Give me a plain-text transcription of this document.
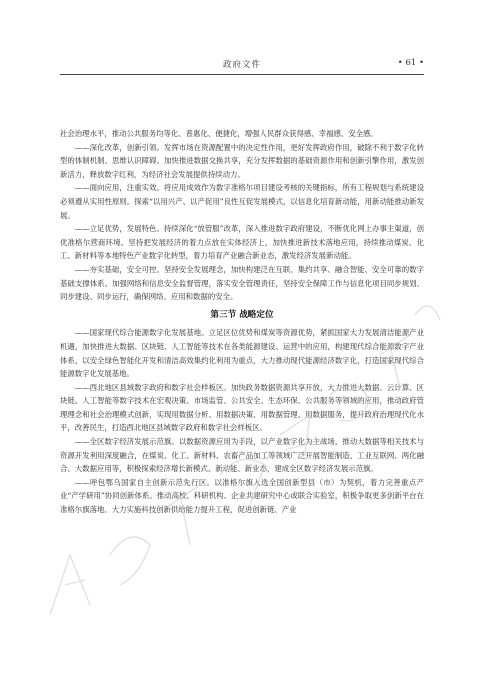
政府文件	• 61 •

社会治理水平，推动公共服务均等化、普惠化、便捷化，增强人民群众获得感、幸福感、安全感。

——深化改革，创新引领。发挥市场在资源配置中的决定性作用，更好发挥政府作用，破除不利于数字化转型的体制机制、思维认识障碍。加快推进数据交换共享，充分发挥数据的基础资源作用和创新引擎作用，激发创新活力，释放数字红利，为经济社会发展提供持续动力。

——面向应用，注重实效。将应用成效作为数字准格尔项目建设考核的关键指标，所有工程规划与系统建设必须遵从实用性原则。探索“以用兴产、以产促用”良性互促发展模式，以信息化培育新动能，用新动能推动新发展。

——立足优势，发展特色。持续深化“放管服”改革，深入推进数字政府建设，不断优化网上办事主渠道，创优准格尔营商环境。坚持把发展经济的着力点放在实体经济上，加快推进新技术落地应用，持续推动煤炭、化工、新材料等本地特色产业数字化转型，着力培育产业融合新业态，激发经济发展新动能。

——夯实基础，安全可控。坚持安全发展理念，加快构建泛在互联、集约共享、融合智能、安全可靠的数字基础支撑体系。加强网络和信息安全监督管理，落实安全管理责任，坚持安全保障工作与信息化项目同步规划、同步建设、同步运行，确保网络、应用和数据的安全。

第三节 战略定位

——国家现代综合能源数字化发展基地。立足区位优势和煤炭等资源优势，紧抓国家大力发展清洁能源产业机遇，加快推进大数据、区块链、人工智能等技术在各类能源建设、运营中的应用，构建现代综合能源数字产业体系，以安全绿色智能化开发和清洁高效集约化利用为重点，大力推动现代能源经济数字化，打造国家现代综合能源数字化发展基地。

——西北地区县域数字政府和数字社会样板区。加快政务数据资源共享开放，大力推进大数据、云计算、区块链、人工智能等数字技术在宏观决策、市场监管、公共安全、生态环保、公共服务等领域的应用，推动政府管理理念和社会治理模式创新，实现用数据分析、用数据决策、用数据管理、用数据服务，提升政府治理现代化水平，改善民生，打造西北地区县域数字政府和数字社会样板区。

——全区数字经济发展示范旗。以数据资源应用为手段，以产业数字化为主战场，推动大数据等相关技术与资源开发利用深度融合，在煤炭、化工、新材料、农畜产品加工等领域广泛开展智能制造、工业互联网、两化融合、大数据应用等，积极探索经济增长新模式、新动能、新业态，建成全区数字经济发展示范旗。

——呼包鄂乌国家自主创新示范先行区。以准格尔旗入选全国创新型县（市）为契机，着力完善重点产业“产学研用”协同创新体系。推动高校、科研机构、企业共建研究中心或联合实验室，积极争取更多创新平台在准格尔旗落地。大力实施科技创新供给能力提升工程，促进创新链、产业
